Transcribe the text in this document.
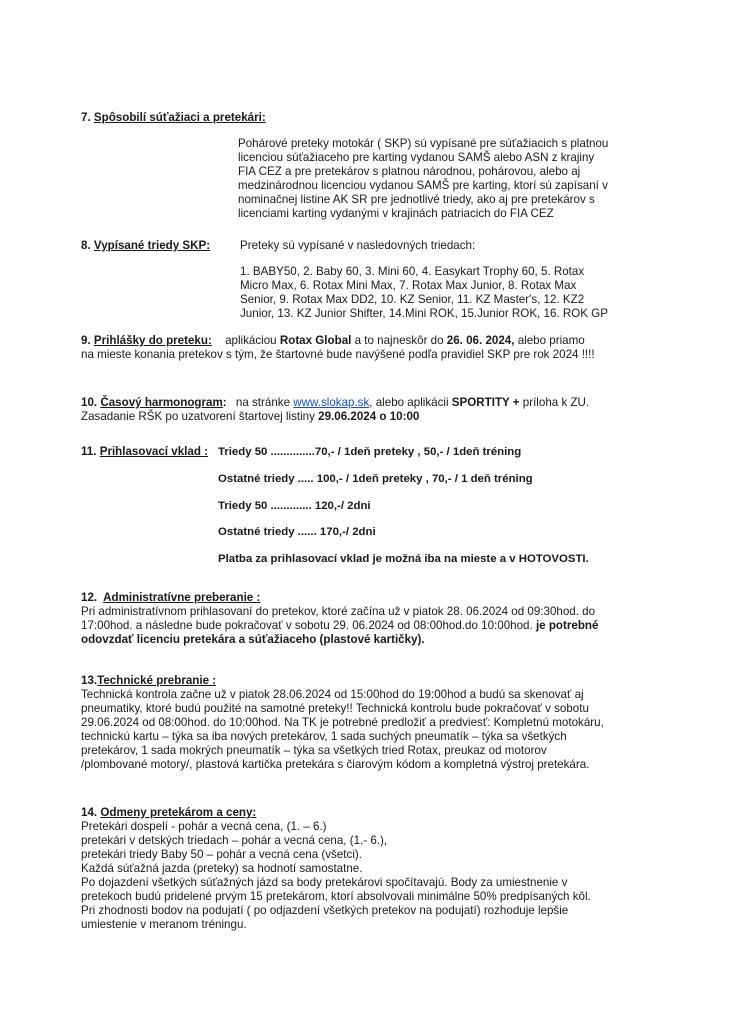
7. Spôsobilí súťažiaci a pretekári:
Pohárové preteky motokár ( SKP) sú vypísané pre súťažiacich s platnou
licenciou súťažiaceho pre karting vydanou SAMŠ alebo ASN z krajiny
FIA CEZ a pre pretekárov s platnou národnou, pohárovou, alebo aj
medzinárodnou licenciou vydanou SAMŠ pre karting, ktorí sú zapísaní v
nominačnej listine AK SR pre jednotlivé triedy, ako aj pre pretekárov s
licenciami karting vydanými v krajinách patriacich do FIA CEZ
8. Vypísané triedy SKP:	Preteky sú vypísané v nasledovných triedach:
1. BABY50, 2. Baby 60, 3. Mini 60, 4. Easykart Trophy 60, 5. Rotax
Micro Max, 6. Rotax Mini Max, 7. Rotax Max Junior, 8. Rotax Max
Senior, 9. Rotax Max DD2, 10. KZ Senior, 11. KZ Master's, 12. KZ2
Junior, 13. KZ Junior Shifter, 14.Mini ROK, 15.Junior ROK, 16. ROK GP
9. Prihlášky do preteku: aplikáciou Rotax Global a to najneskôr do 26. 06. 2024, alebo priamo
na mieste konania pretekov s tým, že štartovné bude navýšené podľa pravidiel SKP pre rok 2024 !!!!
10. Časový harmonogram: na stránke www.slokap.sk, alebo aplikácii SPORTITY + príloha k ZU.
Zasadanie RŠK po uzatvorení štartovej listiny 29.06.2024 o 10:00
11. Prihlasovací vklad : Triedy 50 ..............70,- / 1deň preteky , 50,- / 1deň tréning
Ostatné triedy ..... 100,- / 1deň preteky , 70,- / 1 deň tréning
Triedy 50 ............. 120,-/ 2dni
Ostatné triedy ...... 170,-/ 2dni
Platba za prihlasovací vklad je možná iba na mieste a v HOTOVOSTI.
12. Administratívne preberanie :
Pri administratívnom prihlasovaní do pretekov, ktoré začína už v piatok 28. 06.2024 od 09:30hod. do
17:00hod. a následne bude pokračovať v sobotu 29. 06.2024 od 08:00hod.do 10:00hod. je potrebné
odovzdať licenciu pretekára a súťažiaceho (plastové kartičky).
13.Technické prebranie :
Technická kontrola začne už v piatok 28.06.2024 od 15:00hod do 19:00hod a budú sa skenovať aj
pneumatiky, ktoré budú použité na samotné preteky!! Technická kontrolu bude pokračovať v sobotu
29.06.2024 od 08:00hod. do 10:00hod. Na TK je potrebné predložiť a predviesť: Kompletnú motokáru,
technickú kartu – týka sa iba nových pretekárov, 1 sada suchých pneumatík – týka sa všetkých
pretekárov, 1 sada mokrých pneumatík – týka sa všetkých tried Rotax, preukaz od motorov
/plombované motory/, plastová kartička pretekára s čiarovým kódom a kompletná výstroj pretekára.
14. Odmeny pretekárom a ceny:
Pretekári dospelí - pohár a vecná cena, (1. – 6.)
pretekári v detských triedach – pohár a vecná cena, (1.- 6.),
pretekári triedy Baby 50 – pohár a vecná cena (všetci).
Každá súťažná jazda (preteky) sa hodnotí samostatne.
Po dojazdení všetkých súťažných jázd sa body pretekárovi spočítavajú. Body za umiestnenie v
pretekoch budú pridelené prvým 15 pretekárom, ktorí absolvovali minimálne 50% predpísaných kôl.
Pri zhodnosti bodov na podujatí ( po odjazdení všetkých pretekov na podujatí) rozhoduje lepšie
umiestenie v meranom tréningu.
